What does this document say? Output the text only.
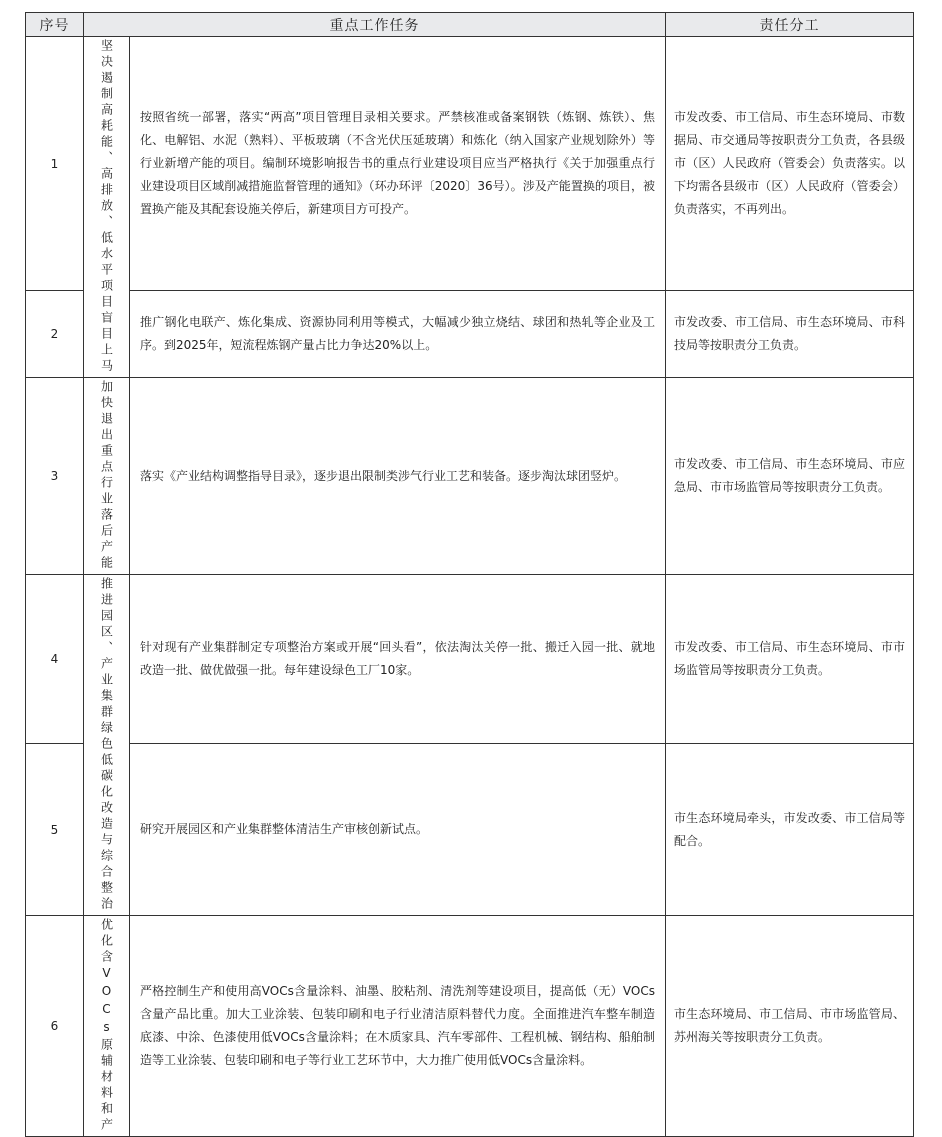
序号	重点工作任务		责任分工
1	坚决遏制高耗能、高排放、低水平项目盲目上马	按照省统一部署，落实“两高”项目管理目录相关要求。严禁核准或备案钢铁（炼钢、炼铁）、焦化、电解铝、水泥（熟料）、平板玻璃（不含光伏压延玻璃）和炼化（纳入国家产业规划除外）等行业新增产能的项目。编制环境影响报告书的重点行业建设项目应当严格执行《关于加强重点行业建设项目区域削减措施监督管理的通知》（环办环评〔2020〕36号）。涉及产能置换的项目，被置换产能及其配套设施关停后，新建项目方可投产。	市发改委、市工信局、市生态环境局、市数据局、市交通局等按职责分工负责，各县级市（区）人民政府（管委会）负责落实。以下均需各县级市（区）人民政府（管委会）负责落实，不再列出。
2		推广钢化电联产、炼化集成、资源协同利用等模式，大幅减少独立烧结、球团和热轧等企业及工序。到2025年，短流程炼钢产量占比力争达20%以上。	市发改委、市工信局、市生态环境局、市科技局等按职责分工负责。
3	加快退出重点行业落后产能	落实《产业结构调整指导目录》，逐步退出限制类涉气行业工艺和装备。逐步淘汰球团竖炉。	市发改委、市工信局、市生态环境局、市应急局、市市场监管局等按职责分工负责。
4	推进园区、产业集群绿色低碳化改造与综合整治	针对现有产业集群制定专项整治方案或开展“回头看”，依法淘汰关停一批、搬迁入园一批、就地改造一批、做优做强一批。每年建设绿色工厂10家。	市发改委、市工信局、市生态环境局、市市场监管局等按职责分工负责。
5		研究开展园区和产业集群整体清洁生产审核创新试点。	市生态环境局牵头，市发改委、市工信局等配合。
6	优化含VOCs原辅材料和产	严格控制生产和使用高VOCs含量涂料、油墨、胶粘剂、清洗剂等建设项目，提高低（无）VOCs含量产品比重。加大工业涂装、包装印刷和电子行业清洁原料替代力度。全面推进汽车整车制造底漆、中涂、色漆使用低VOCs含量涂料；在木质家具、汽车零部件、工程机械、钢结构、船舶制造等工业涂装、包装印刷和电子等行业工艺环节中，大力推广使用低VOCs含量涂料。	市生态环境局、市工信局、市市场监管局、苏州海关等按职责分工负责。
